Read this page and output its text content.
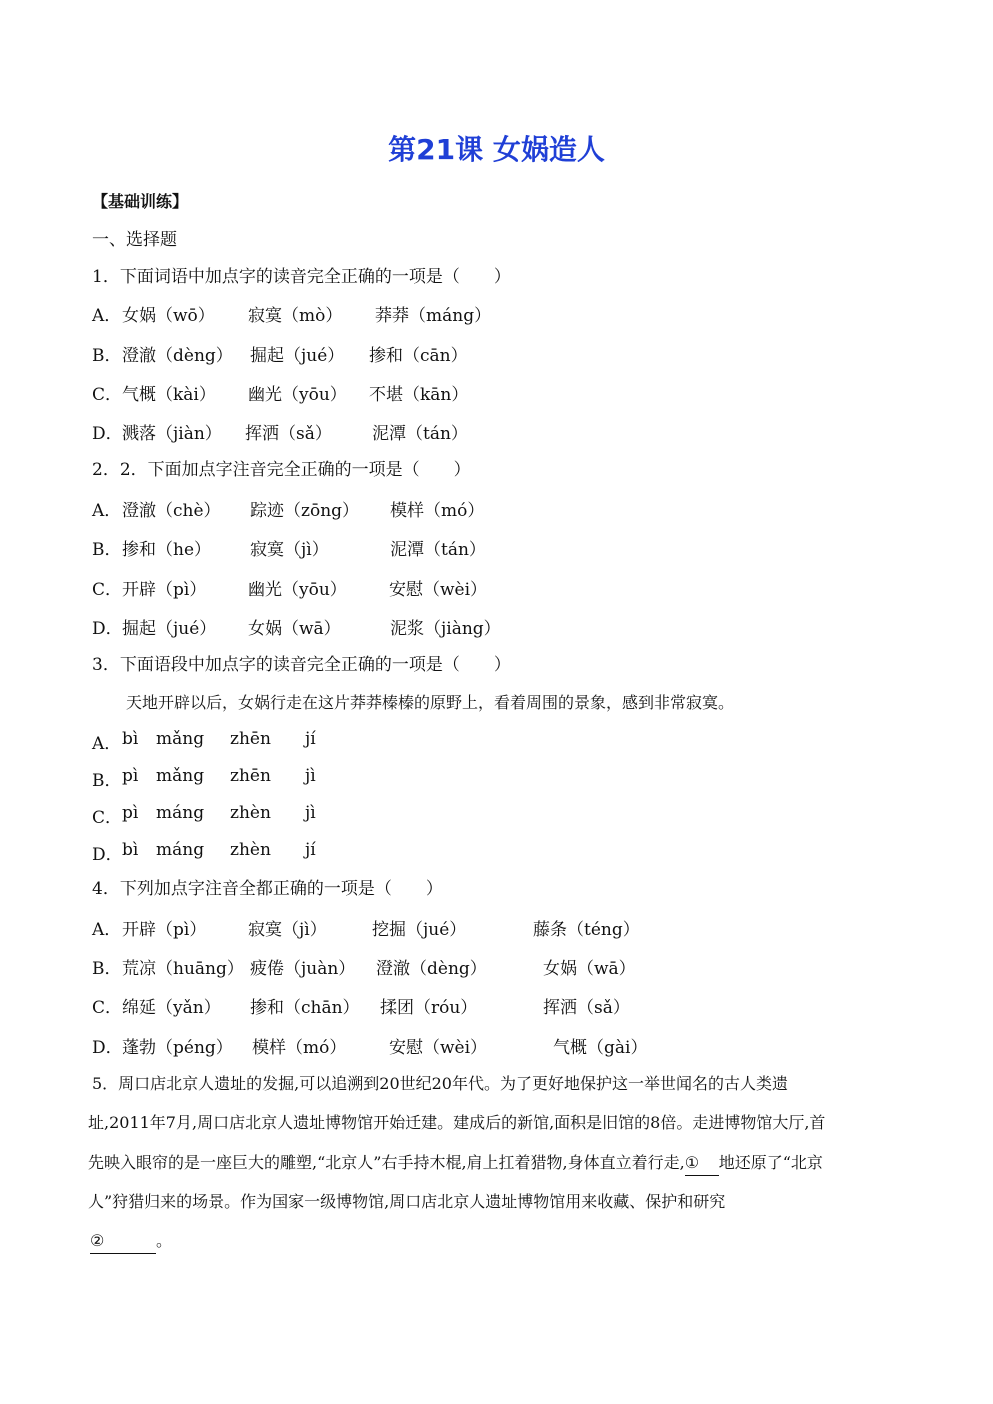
第21课 女娲造人
【基础训练】
一、选择题
1．下面词语中加点字的读音完全正确的一项是（　　）
A． 女娲（wō） 寂寞（mò） 莽莽（máng）
B． 澄澈（dèng） 掘起（jué） 掺和（cān）
C． 气概（kài） 幽光（yōu） 不堪（kān）
D． 溅落（jiàn） 挥洒（sǎ） 泥潭（tán）
2．2．下面加点字注音完全正确的一项是（　　）
A． 澄澈（chè） 踪迹（zōng） 模样（mó）
B． 掺和（he） 寂寞（jì）	泥潭（tán）
C． 开辟（pì） 幽光（yōu） 安慰（wèi）
D． 掘起（jué） 女娲（wā）	泥浆（jiàng）
3．下面语段中加点字的读音完全正确的一项是（　　）
天地开辟以后，女娲行走在这片莽莽榛榛的原野上，看着周围的景象，感到非常寂寞。
A． bì mǎng zhēn jí
B． pì mǎng zhēn jì
C． pì máng zhèn jì
D． bì máng zhèn jí
4．下列加点字注音全都正确的一项是（　　）
A． 开辟（pì） 寂寞（jì）	挖掘（jué）	藤条（téng）
B． 荒凉（huāng） 疲倦（juàn） 澄澈（dèng）	女娲（wā）
C． 绵延（yǎn） 掺和（chān） 揉团（róu）	挥洒（sǎ）
D． 蓬勃（péng） 模样（mó）	安慰（wèi）	气概（gài）
5．周口店北京人遗址的发掘,可以追溯到20世纪20年代。为了更好地保护这一举世闻名的古人类遗
址,2011年7月,周口店北京人遗址博物馆开始迁建。建成后的新馆,面积是旧馆的8倍。走进博物馆大厅,首
先映入眼帘的是一座巨大的雕塑,“北京人”右手持木棍,肩上扛着猎物,身体直立着行走,① 地还原了“北京
人”狩猎归来的场景。作为国家一级博物馆,周口店北京人遗址博物馆用来收藏、保护和研究
②	。
